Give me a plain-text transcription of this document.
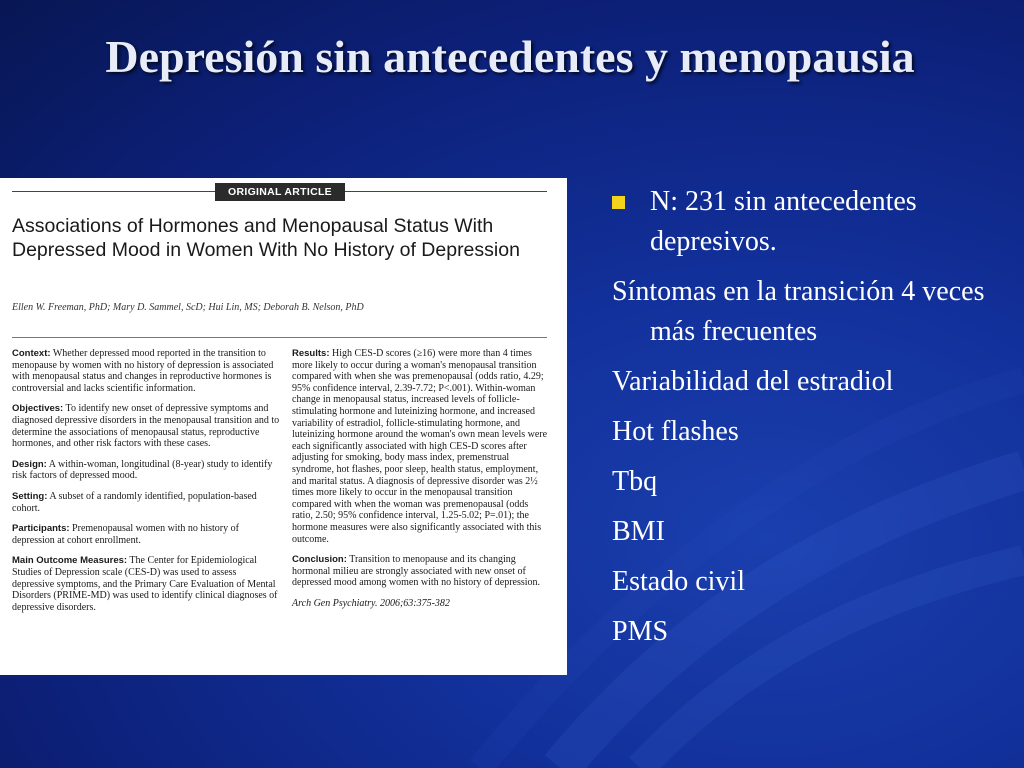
Depresión sin antecedentes y menopausia
ORIGINAL ARTICLE
Associations of Hormones and Menopausal Status With Depressed Mood in Women With No History of Depression
Ellen W. Freeman, PhD; Mary D. Sammel, ScD; Hui Lin, MS; Deborah B. Nelson, PhD
Context: Whether depressed mood reported in the transition to menopause by women with no history of depression is associated with menopausal status and changes in reproductive hormones is controversial and lacks scientific information.
Objectives: To identify new onset of depressive symptoms and diagnosed depressive disorders in the menopausal transition and to determine the associations of menopausal status, reproductive hormones, and other risk factors with these cases.
Design: A within-woman, longitudinal (8-year) study to identify risk factors of depressed mood.
Setting: A subset of a randomly identified, population-based cohort.
Participants: Premenopausal women with no history of depression at cohort enrollment.
Main Outcome Measures: The Center for Epidemiological Studies of Depression scale (CES-D) was used to assess depressive symptoms, and the Primary Care Evaluation of Mental Disorders (PRIME-MD) was used to identify clinical diagnoses of depressive disorders.
Results: High CES-D scores (≥16) were more than 4 times more likely to occur during a woman's menopausal transition compared with when she was premenopausal (odds ratio, 4.29; 95% confidence interval, 2.39-7.72; P<.001). Within-woman change in menopausal status, increased levels of follicle-stimulating hormone and luteinizing hormone, and increased variability of estradiol, follicle-stimulating hormone, and luteinizing hormone around the woman's own mean levels were each significantly associated with high CES-D scores after adjusting for smoking, body mass index, premenstrual syndrome, hot flashes, poor sleep, health status, employment, and marital status. A diagnosis of depressive disorder was 2½ times more likely to occur in the menopausal transition compared with when the woman was premenopausal (odds ratio, 2.50; 95% confidence interval, 1.25-5.02; P=.01); the hormone measures were also significantly associated with this outcome.
Conclusion: Transition to menopause and its changing hormonal milieu are strongly associated with new onset of depressed mood among women with no history of depression.
Arch Gen Psychiatry. 2006;63:375-382
N: 231 sin antecedentes depresivos.
Síntomas en la transición 4 veces más frecuentes
Variabilidad del estradiol
Hot flashes
Tbq
BMI
Estado civil
PMS
